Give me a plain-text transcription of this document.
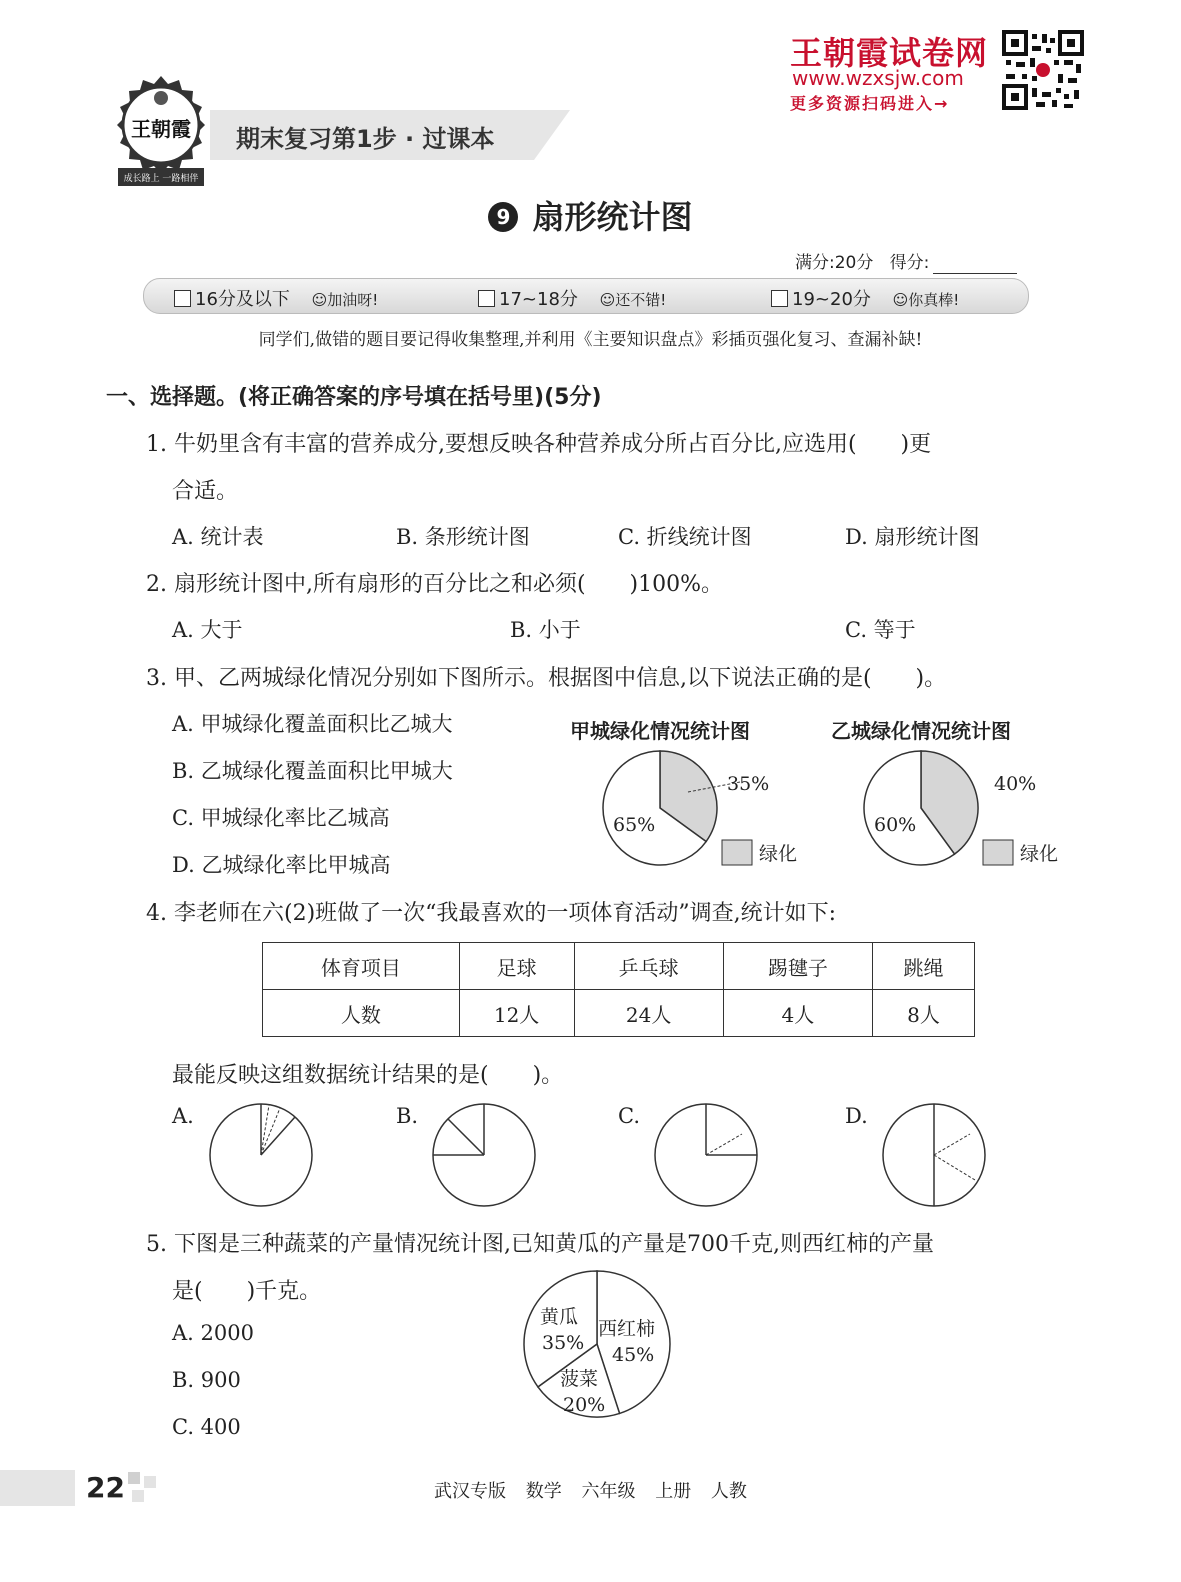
王朝霞
成长路上 一路相伴
期末复习第1步 · 过课本
王朝霞试卷网
www.wzxsjw.com
更多资源扫码进入→
9 扇形统计图
满分:20分 得分:
16分及以下 ☺加油呀!	17~18分 ☺还不错!	19~20分 ☺你真棒!
同学们,做错的题目要记得收集整理,并利用《主要知识盘点》彩插页强化复习、查漏补缺!
一、选择题。(将正确答案的序号填在括号里)(5分)
1. 牛奶里含有丰富的营养成分,要想反映各种营养成分所占百分比,应选用(　　)更
合适。
A. 统计表	B. 条形统计图	C. 折线统计图	D. 扇形统计图
2. 扇形统计图中,所有扇形的百分比之和必须(　　)100%。
A. 大于	B. 小于	C. 等于
3. 甲、乙两城绿化情况分别如下图所示。根据图中信息,以下说法正确的是(　　)。
A. 甲城绿化覆盖面积比乙城大
B. 乙城绿化覆盖面积比甲城大
C. 甲城绿化率比乙城高
D. 乙城绿化率比甲城高
甲城绿化情况统计图	乙城绿化情况统计图
35%
65%
40%
60%
绿化	绿化
4. 李老师在六(2)班做了一次“我最喜欢的一项体育活动”调查,统计如下:
体育项目	足球	乒乓球	踢毽子	跳绳
人数	12人	24人	4人	8人
最能反映这组数据统计结果的是(　　)。
A.	B.	C.	D.
5. 下图是三种蔬菜的产量情况统计图,已知黄瓜的产量是700千克,则西红柿的产量
是(　　)千克。
A. 2000
B. 900
C. 400
黄瓜
35%
西红柿
45%
菠菜
20%
22	武汉专版 数学 六年级 上册 人教
